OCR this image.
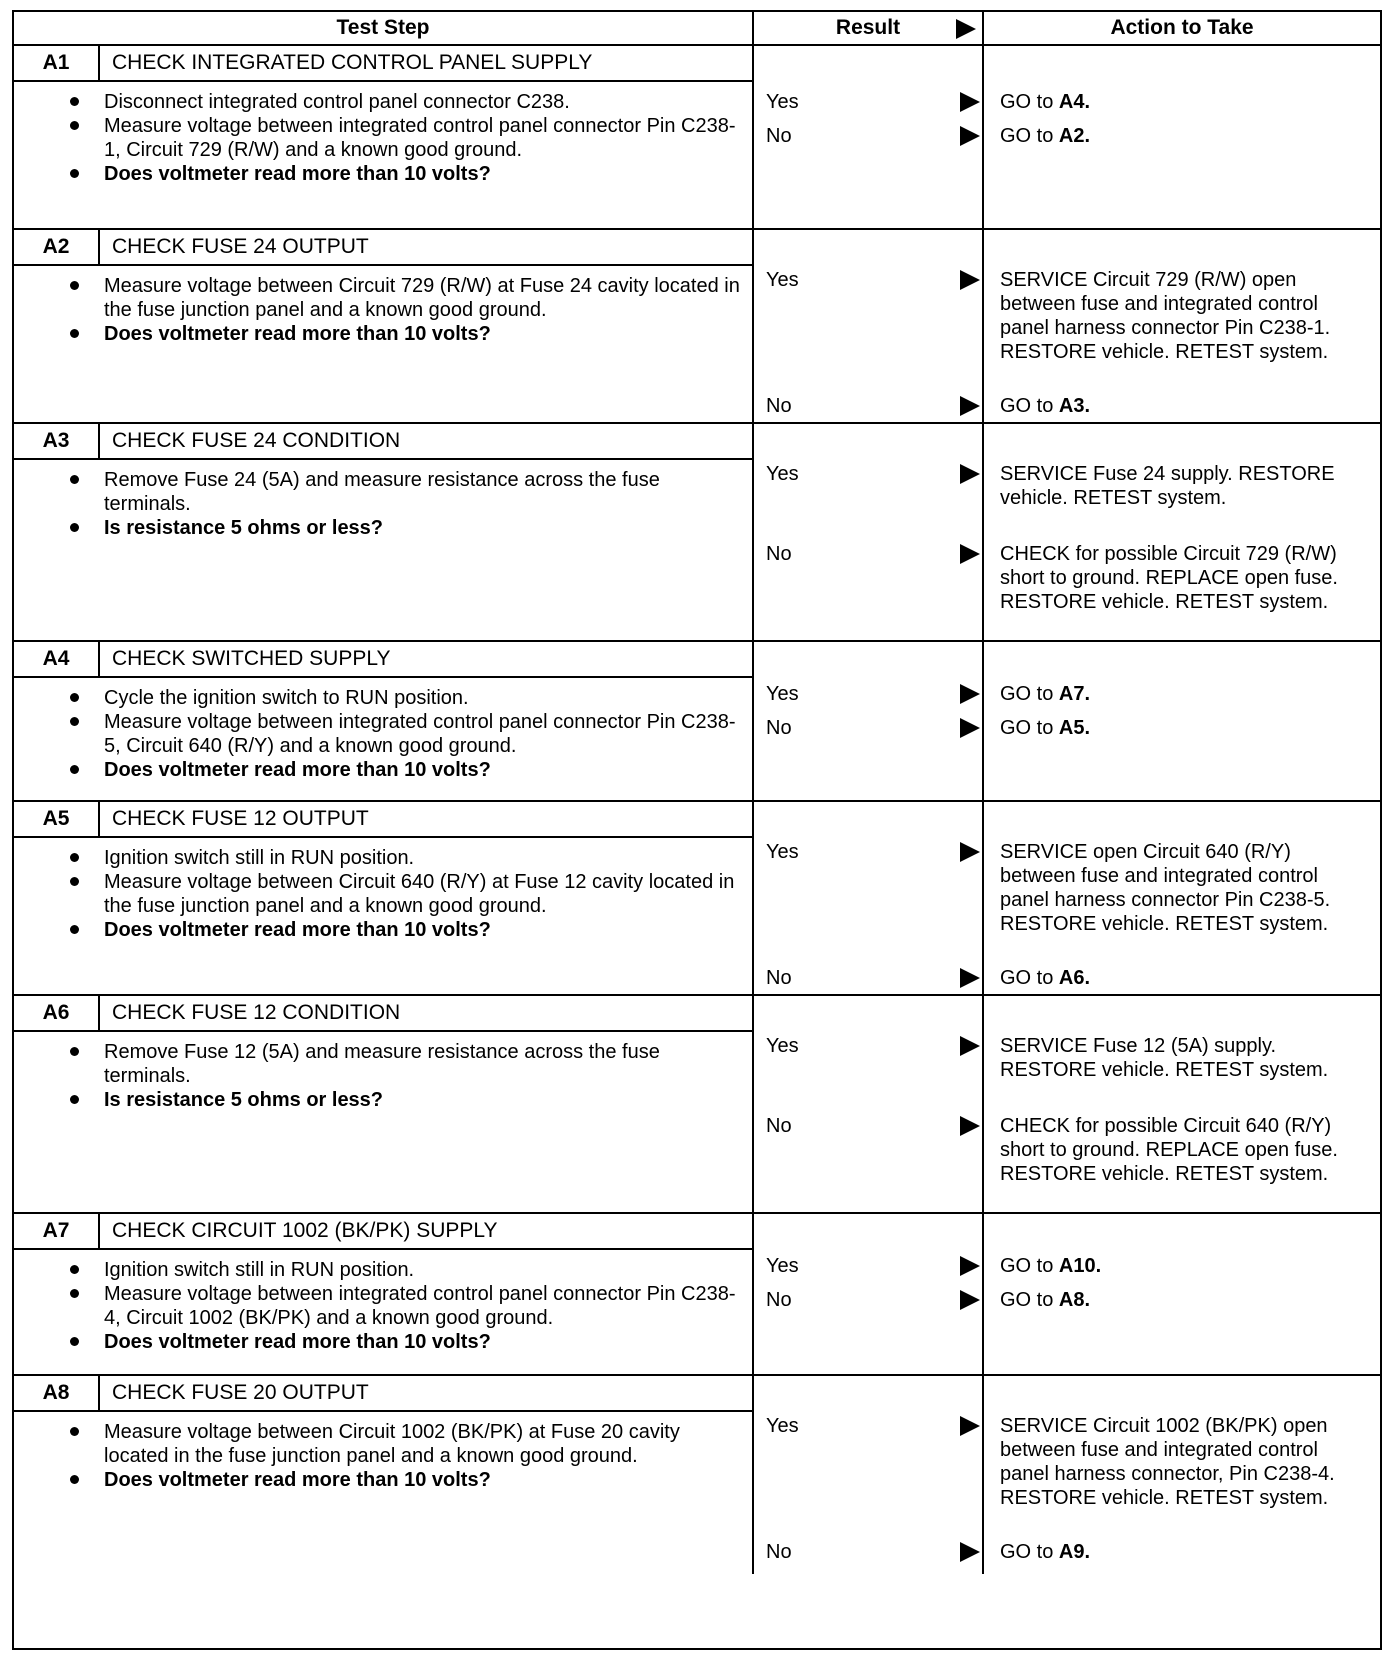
Test Step	Result	Action to Take
A1	CHECK INTEGRATED CONTROL PANEL SUPPLY
Disconnect integrated control panel connector C238.
Measure voltage between integrated control panel connector Pin C238-1, Circuit 729 (R/W) and a known good ground.
Does voltmeter read more than 10 volts?
Yes	GO to A4.
No	GO to A2.
A2	CHECK FUSE 24 OUTPUT
Measure voltage between Circuit 729 (R/W) at Fuse 24 cavity located in the fuse junction panel and a known good ground.
Does voltmeter read more than 10 volts?
Yes	SERVICE Circuit 729 (R/W) open between fuse and integrated control panel harness connector Pin C238-1. RESTORE vehicle. RETEST system.
No	GO to A3.
A3	CHECK FUSE 24 CONDITION
Remove Fuse 24 (5A) and measure resistance across the fuse terminals.
Is resistance 5 ohms or less?
Yes	SERVICE Fuse 24 supply. RESTORE vehicle. RETEST system.
No	CHECK for possible Circuit 729 (R/W) short to ground. REPLACE open fuse. RESTORE vehicle. RETEST system.
A4	CHECK SWITCHED SUPPLY
Cycle the ignition switch to RUN position.
Measure voltage between integrated control panel connector Pin C238-5, Circuit 640 (R/Y) and a known good ground.
Does voltmeter read more than 10 volts?
Yes	GO to A7.
No	GO to A5.
A5	CHECK FUSE 12 OUTPUT
Ignition switch still in RUN position.
Measure voltage between Circuit 640 (R/Y) at Fuse 12 cavity located in the fuse junction panel and a known good ground.
Does voltmeter read more than 10 volts?
Yes	SERVICE open Circuit 640 (R/Y) between fuse and integrated control panel harness connector Pin C238-5. RESTORE vehicle. RETEST system.
No	GO to A6.
A6	CHECK FUSE 12 CONDITION
Remove Fuse 12 (5A) and measure resistance across the fuse terminals.
Is resistance 5 ohms or less?
Yes	SERVICE Fuse 12 (5A) supply. RESTORE vehicle. RETEST system.
No	CHECK for possible Circuit 640 (R/Y) short to ground. REPLACE open fuse. RESTORE vehicle. RETEST system.
A7	CHECK CIRCUIT 1002 (BK/PK) SUPPLY
Ignition switch still in RUN position.
Measure voltage between integrated control panel connector Pin C238-4, Circuit 1002 (BK/PK) and a known good ground.
Does voltmeter read more than 10 volts?
Yes	GO to A10.
No	GO to A8.
A8	CHECK FUSE 20 OUTPUT
Measure voltage between Circuit 1002 (BK/PK) at Fuse 20 cavity located in the fuse junction panel and a known good ground.
Does voltmeter read more than 10 volts?
Yes	SERVICE Circuit 1002 (BK/PK) open between fuse and integrated control panel harness connector, Pin C238-4. RESTORE vehicle. RETEST system.
No	GO to A9.
